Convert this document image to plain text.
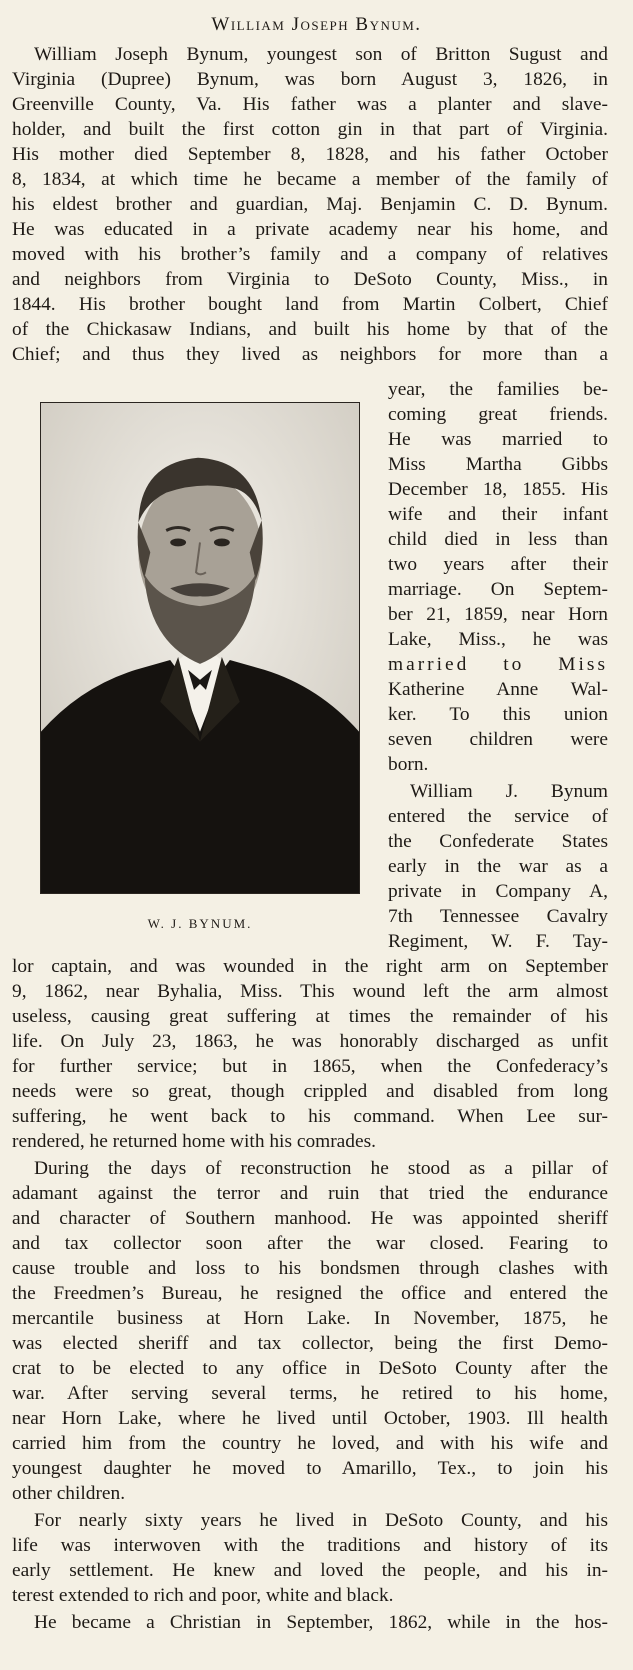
William Joseph Bynum.
William Joseph Bynum, youngest son of Britton Sugust and
Virginia (Dupree) Bynum, was born August 3, 1826, in
Greenville County, Va. His father was a planter and slave-
holder, and built the first cotton gin in that part of Virginia.
His mother died September 8, 1828, and his father October
8, 1834, at which time he became a member of the family of
his eldest brother and guardian, Maj. Benjamin C. D. Bynum.
He was educated in a private academy near his home, and
moved with his brother’s family and a company of relatives
and neighbors from Virginia to DeSoto County, Miss., in
1844. His brother bought land from Martin Colbert, Chief
of the Chickasaw Indians, and built his home by that of the
Chief; and thus they lived as neighbors for more than a
W. J. BYNUM.
year, the families be-
coming great friends.
He was married to
Miss Martha Gibbs
December 18, 1855. His
wife and their infant
child died in less than
two years after their
marriage. On Septem-
ber 21, 1859, near Horn
Lake, Miss., he was
married to Miss
Katherine Anne Wal-
ker. To this union
seven children were
born.
William J. Bynum
entered the service of
the Confederate States
early in the war as a
private in Company A,
7th Tennessee Cavalry
Regiment, W. F. Tay-
lor captain, and was wounded in the right arm on September
9, 1862, near Byhalia, Miss. This wound left the arm almost
useless, causing great suffering at times the remainder of his
life. On July 23, 1863, he was honorably discharged as unfit
for further service; but in 1865, when the Confederacy’s
needs were so great, though crippled and disabled from long
suffering, he went back to his command. When Lee sur-
rendered, he returned home with his comrades.
During the days of reconstruction he stood as a pillar of
adamant against the terror and ruin that tried the endurance
and character of Southern manhood. He was appointed sheriff
and tax collector soon after the war closed. Fearing to
cause trouble and loss to his bondsmen through clashes with
the Freedmen’s Bureau, he resigned the office and entered the
mercantile business at Horn Lake. In November, 1875, he
was elected sheriff and tax collector, being the first Demo-
crat to be elected to any office in DeSoto County after the
war. After serving several terms, he retired to his home,
near Horn Lake, where he lived until October, 1903. Ill health
carried him from the country he loved, and with his wife and
youngest daughter he moved to Amarillo, Tex., to join his
other children.
For nearly sixty years he lived in DeSoto County, and his
life was interwoven with the traditions and history of its
early settlement. He knew and loved the people, and his in-
terest extended to rich and poor, white and black.
He became a Christian in September, 1862, while in the hos-
